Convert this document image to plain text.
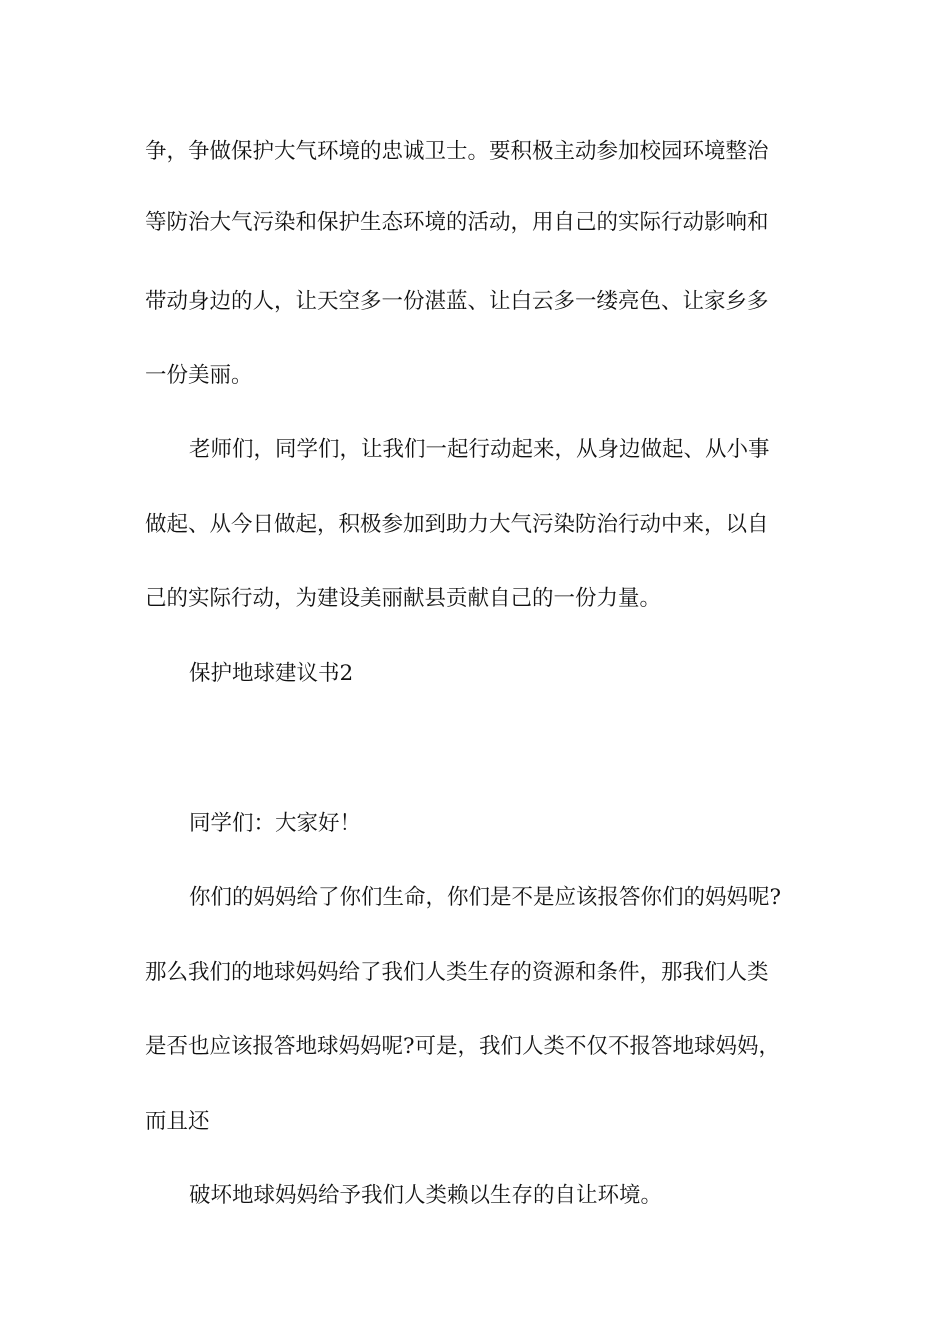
争，争做保护大气环境的忠诚卫士。要积极主动参加校园环境整治
等防治大气污染和保护生态环境的活动，用自己的实际行动影响和
带动身边的人，让天空多一份湛蓝、让白云多一缕亮色、让家乡多
一份美丽。
老师们，同学们，让我们一起行动起来，从身边做起、从小事
做起、从今日做起，积极参加到助力大气污染防治行动中来，以自
己的实际行动，为建设美丽献县贡献自己的一份力量。
保护地球建议书2
同学们：大家好！
你们的妈妈给了你们生命，你们是不是应该报答你们的妈妈呢?
那么我们的地球妈妈给了我们人类生存的资源和条件，那我们人类
是否也应该报答地球妈妈呢?可是，我们人类不仅不报答地球妈妈，
而且还
破坏地球妈妈给予我们人类赖以生存的自让环境。
